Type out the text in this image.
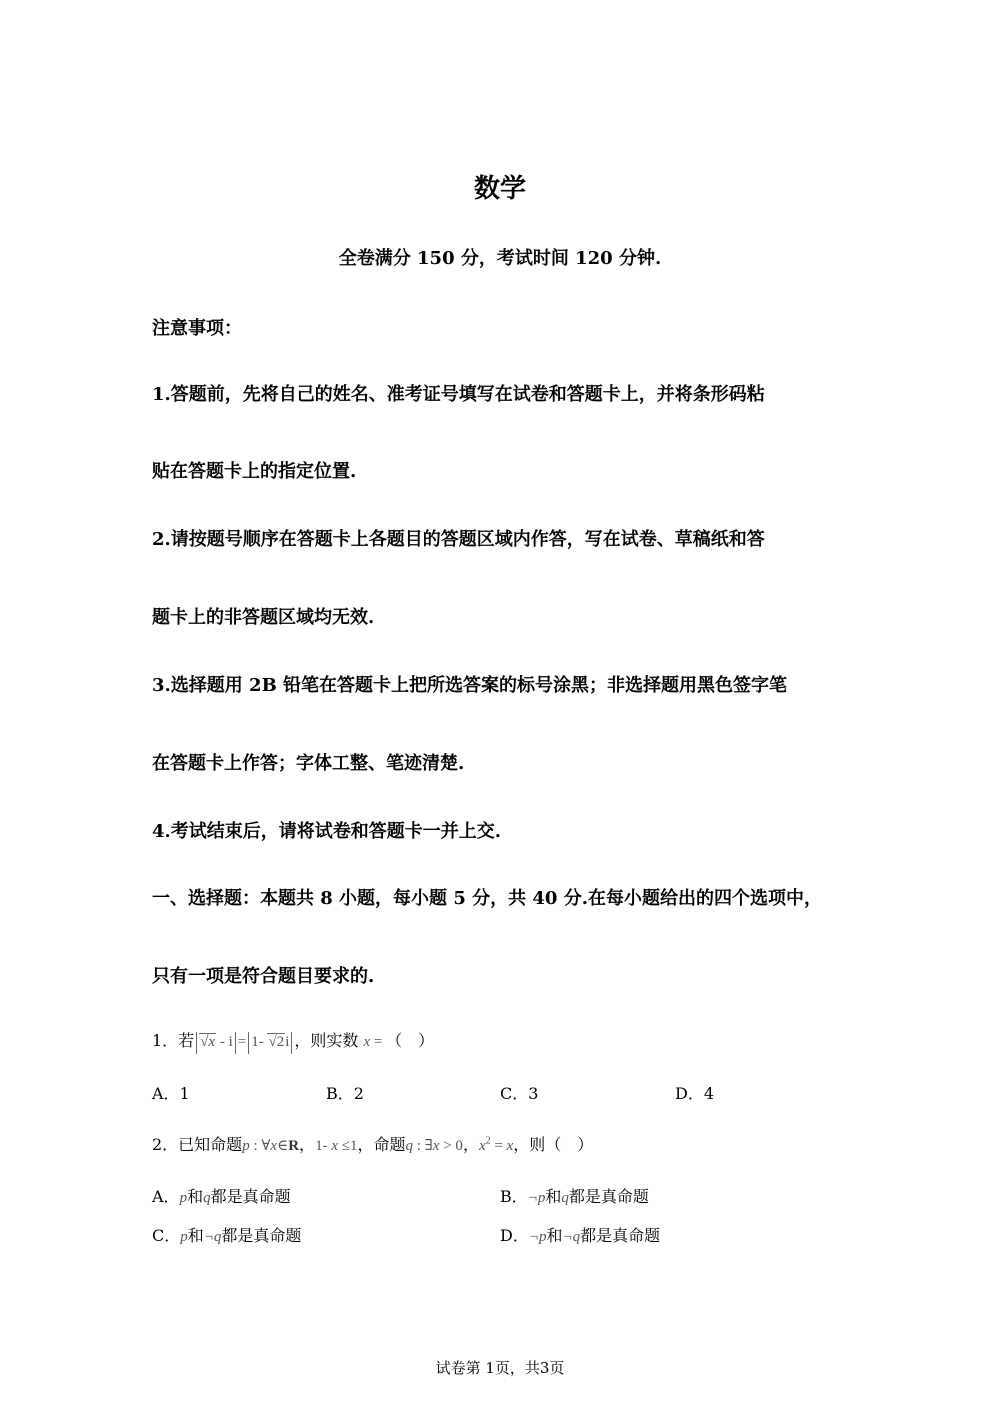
数学
全卷满分 150 分，考试时间 120 分钟.
注意事项：
1.答题前，先将自己的姓名、准考证号填写在试卷和答题卡上，并将条形码粘
贴在答题卡上的指定位置.
2.请按题号顺序在答题卡上各题目的答题区域内作答，写在试卷、草稿纸和答
题卡上的非答题区域均无效.
3.选择题用 2B 铅笔在答题卡上把所选答案的标号涂黑；非选择题用黑色签字笔
在答题卡上作答；字体工整、笔迹清楚.
4.考试结束后，请将试卷和答题卡一并上交.
一、选择题：本题共 8 小题，每小题 5 分，共 40 分.在每小题给出的四个选项中，
只有一项是符合题目要求的.
1．若 √x - i = 1- √2i ，则实数 x = （　）
A．1	B．2	C．3	D．4
2．已知命题p : ∀x∈R，1- x ≤1，命题q : ∃x > 0，$x^2 = x$，则（　）
A．p和q都是真命题	B．¬p和q都是真命题
C．p和¬q都是真命题	D．¬p和¬q都是真命题
试卷第 1页，共3页
